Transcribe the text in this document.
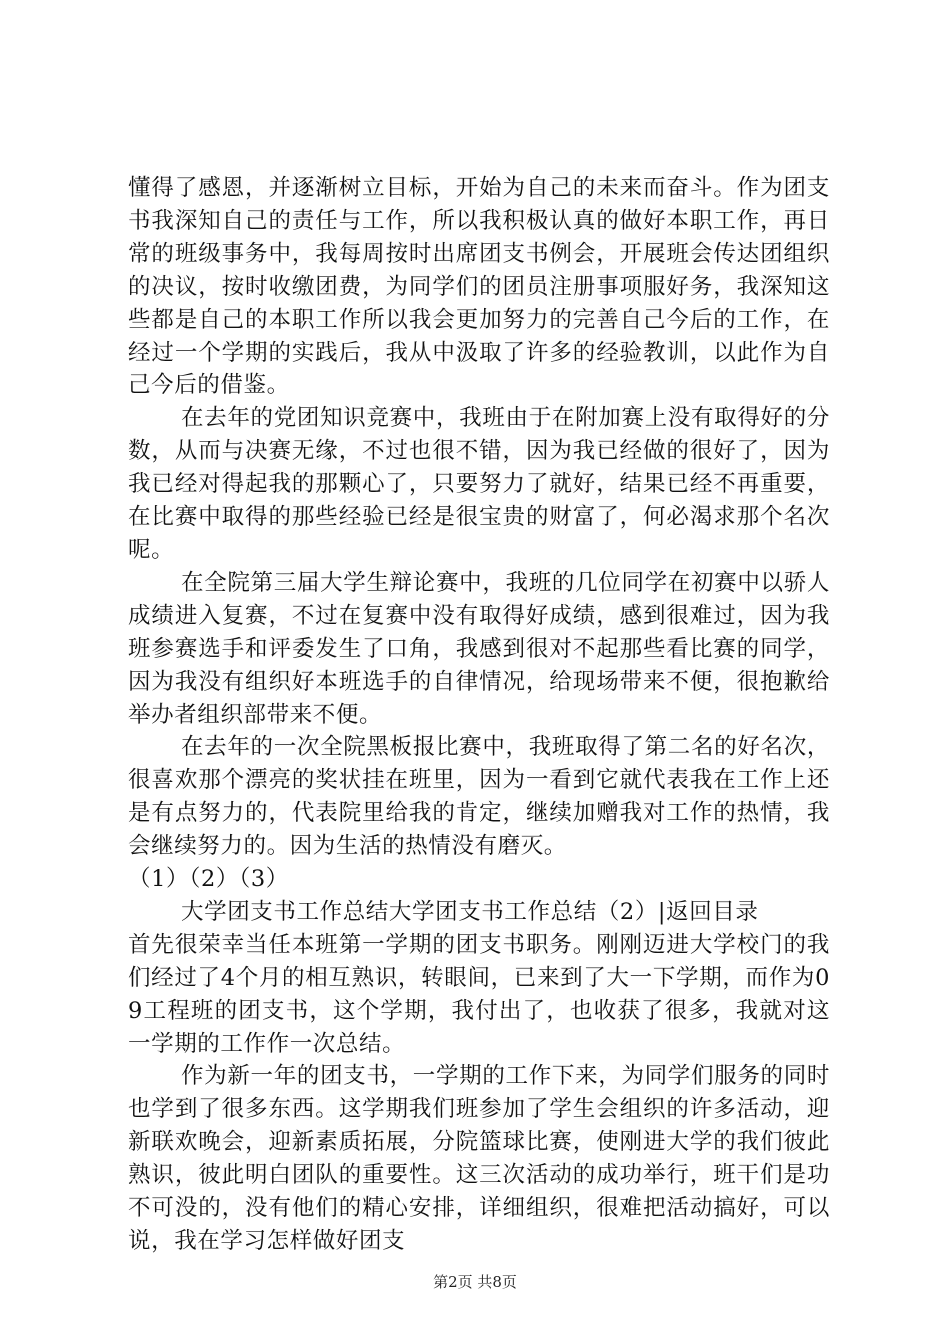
懂得了感恩，并逐渐树立目标，开始为自己的未来而奋斗。作为团支书我深知自己的责任与工作，所以我积极认真的做好本职工作，再日常的班级事务中，我每周按时出席团支书例会，开展班会传达团组织的决议，按时收缴团费，为同学们的团员注册事项服好务，我深知这些都是自己的本职工作所以我会更加努力的完善自己今后的工作，在经过一个学期的实践后，我从中汲取了许多的经验教训，以此作为自己今后的借鉴。

在去年的党团知识竞赛中，我班由于在附加赛上没有取得好的分数，从而与决赛无缘，不过也很不错，因为我已经做的很好了，因为我已经对得起我的那颗心了，只要努力了就好，结果已经不再重要，在比赛中取得的那些经验已经是很宝贵的财富了，何必渴求那个名次呢。

在全院第三届大学生辩论赛中，我班的几位同学在初赛中以骄人成绩进入复赛，不过在复赛中没有取得好成绩，感到很难过，因为我班参赛选手和评委发生了口角，我感到很对不起那些看比赛的同学，因为我没有组织好本班选手的自律情况，给现场带来不便，很抱歉给举办者组织部带来不便。

在去年的一次全院黑板报比赛中，我班取得了第二名的好名次，很喜欢那个漂亮的奖状挂在班里，因为一看到它就代表我在工作上还是有点努力的，代表院里给我的肯定，继续加赠我对工作的热情，我会继续努力的。因为生活的热情没有磨灭。

（1）（2）（3）

大学团支书工作总结大学团支书工作总结（2）|返回目录

首先很荣幸当任本班第一学期的团支书职务。刚刚迈进大学校门的我们经过了4个月的相互熟识，转眼间，已来到了大一下学期，而作为09工程班的团支书，这个学期，我付出了，也收获了很多，我就对这一学期的工作作一次总结。

作为新一年的团支书，一学期的工作下来，为同学们服务的同时也学到了很多东西。这学期我们班参加了学生会组织的许多活动，迎新联欢晚会，迎新素质拓展，分院篮球比赛，使刚进大学的我们彼此熟识，彼此明白团队的重要性。这三次活动的成功举行，班干们是功不可没的，没有他们的精心安排，详细组织，很难把活动搞好，可以说，我在学习怎样做好团支

第2页 共8页
